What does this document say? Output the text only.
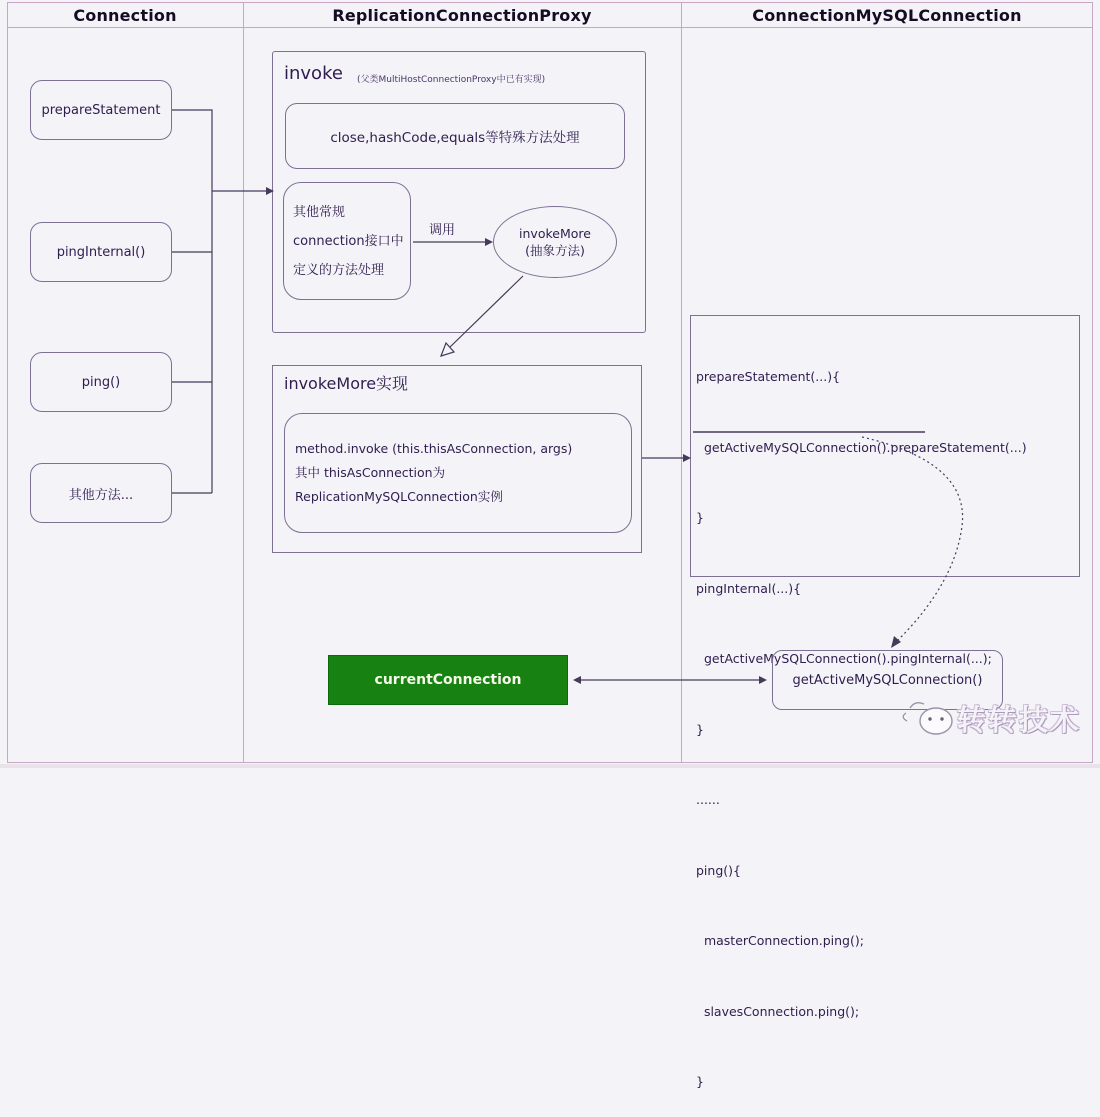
Connection	ReplicationConnectionProxy	ConnectionMySQLConnection
prepareStatement
pingInternal()
ping()
其他方法...
invoke (父类MultiHostConnectionProxy中已有实现)
close,hashCode,equals等特殊方法处理
其他常规
connection接口中
定义的方法处理
调用	invokeMore
(抽象方法)
invokeMore实现
method.invoke (this.thisAsConnection, args)
其中 thisAsConnection为
ReplicationMySQLConnection实例

prepareStatement(...){

getActiveMySQLConnection().prepareStatement(...)

}

pingInternal(...){

getActiveMySQLConnection().pingInternal(...);

}

......

ping(){

masterConnection.ping();

slavesConnection.ping();

}

currentConnection	getActiveMySQLConnection()
转转技术
